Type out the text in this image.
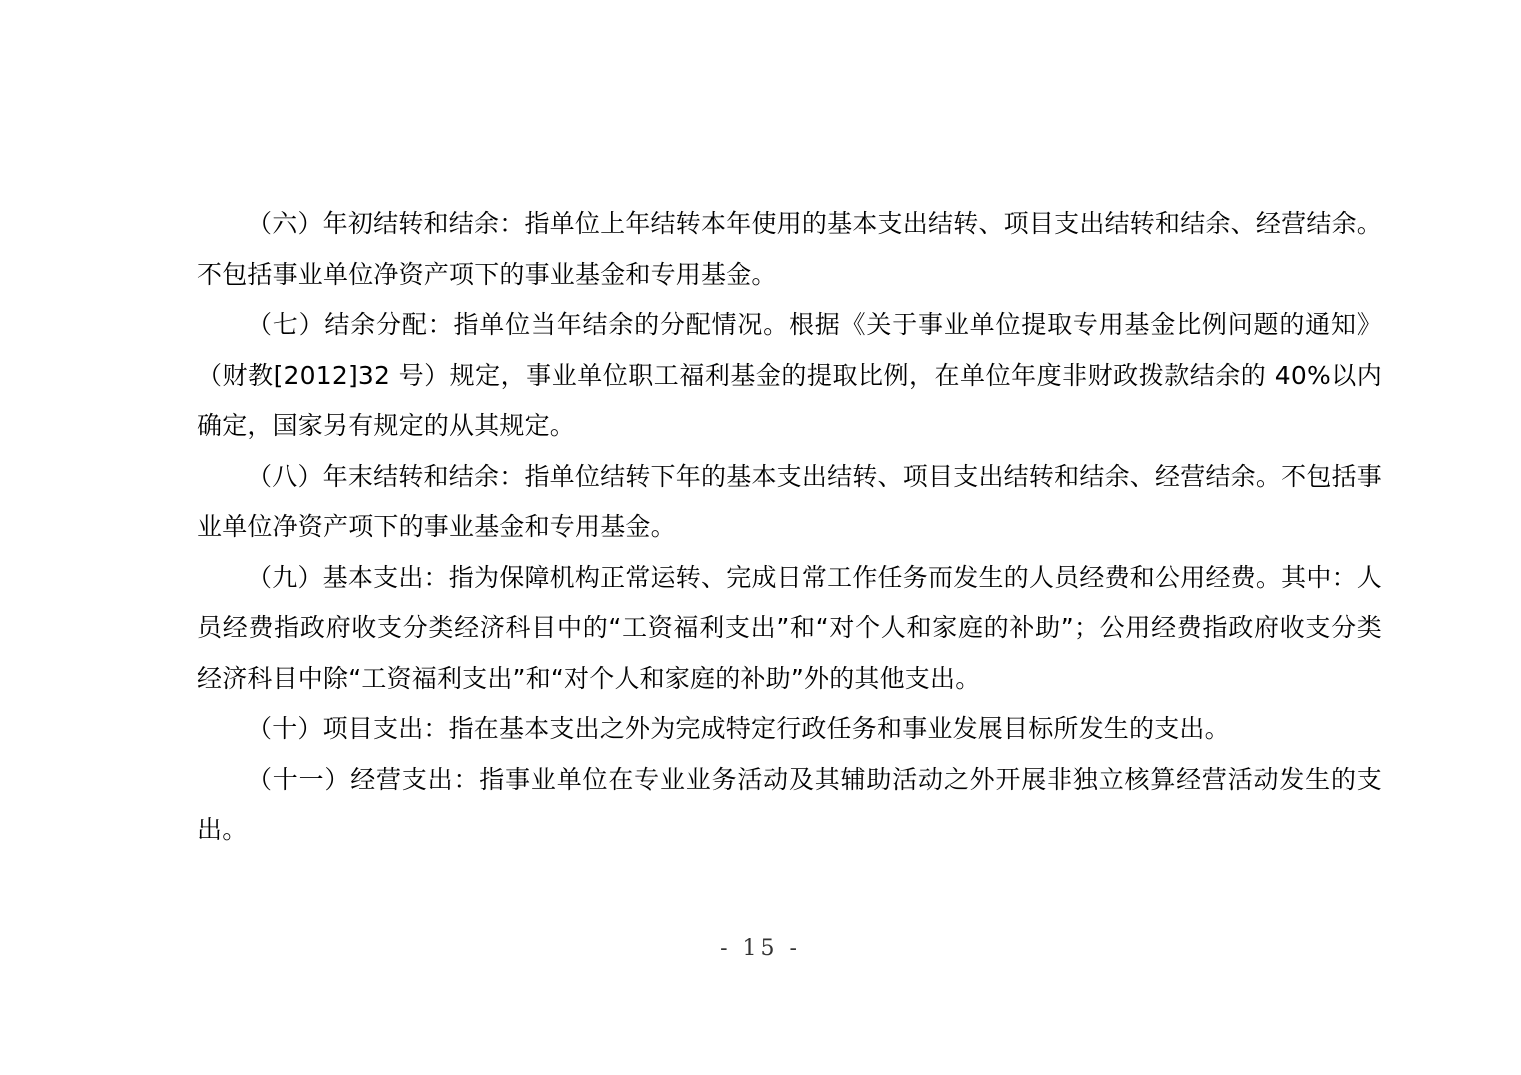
（六）年初结转和结余：指单位上年结转本年使用的基本支出结转、项目支出结转和结余、经营结余。不包括事业单位净资产项下的事业基金和专用基金。

（七）结余分配：指单位当年结余的分配情况。根据《关于事业单位提取专用基金比例问题的通知》（财教[2012]32 号）规定，事业单位职工福利基金的提取比例，在单位年度非财政拨款结余的 40%以内确定，国家另有规定的从其规定。

（八）年末结转和结余：指单位结转下年的基本支出结转、项目支出结转和结余、经营结余。不包括事业单位净资产项下的事业基金和专用基金。

（九）基本支出：指为保障机构正常运转、完成日常工作任务而发生的人员经费和公用经费。其中：人员经费指政府收支分类经济科目中的“工资福利支出”和“对个人和家庭的补助”；公用经费指政府收支分类经济科目中除“工资福利支出”和“对个人和家庭的补助”外的其他支出。

（十）项目支出：指在基本支出之外为完成特定行政任务和事业发展目标所发生的支出。

（十一）经营支出：指事业单位在专业业务活动及其辅助活动之外开展非独立核算经营活动发生的支出。

- 15 -
